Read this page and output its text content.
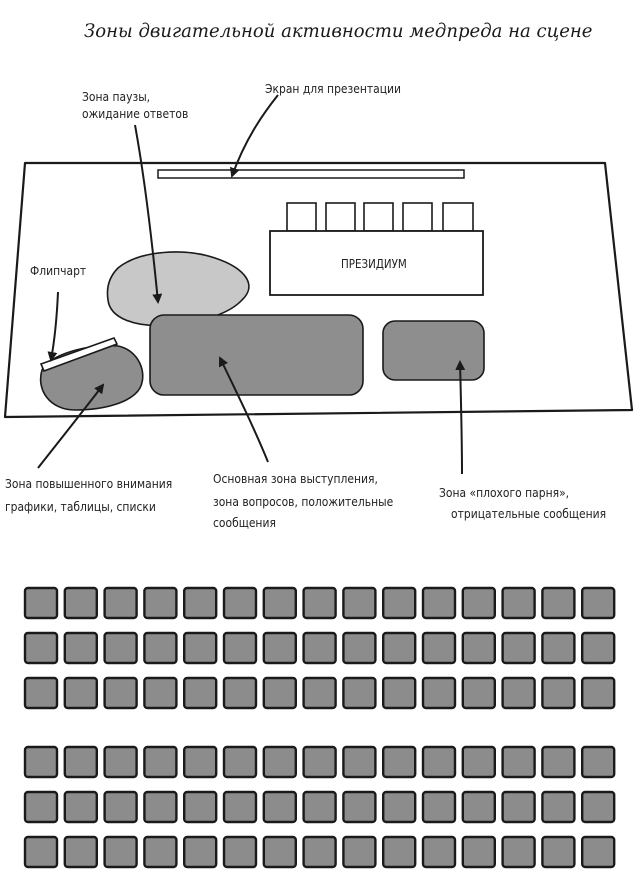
Зоны двигательной активности медпреда на сцене
Зона паузы,
ожидание ответов
Экран для презентации
Флипчарт	ПРЕЗИДИУМ
Зона повышенного внимания
графики, таблицы, списки
Основная зона выступления,
зона вопросов, положительные
сообщения
Зона «плохого парня»,
отрицательные сообщения
